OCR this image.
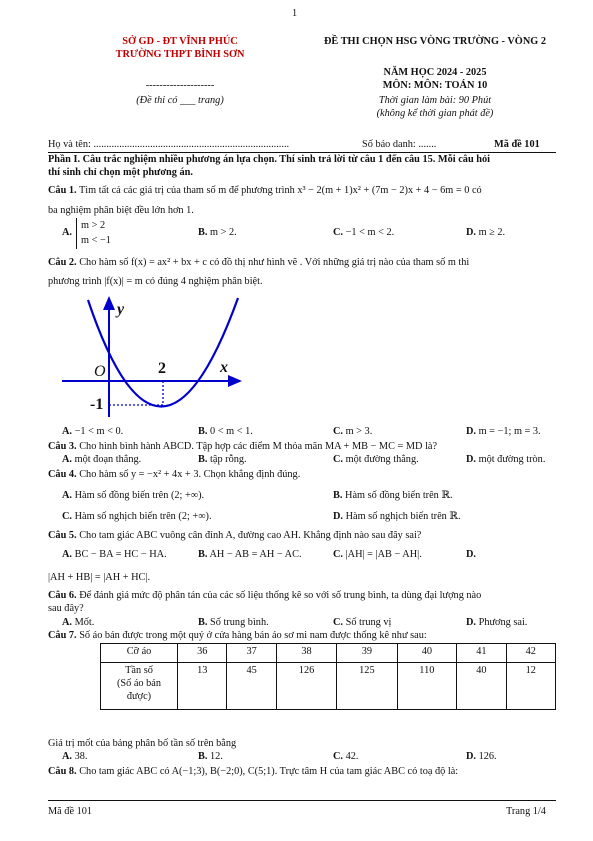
1
SỞ GD - ĐT VĨNH PHÚC
TRƯỜNG THPT BÌNH SƠN
--------------------
(Đề thi có ___ trang)
ĐỀ THI CHỌN HSG VÒNG TRƯỜNG - VÒNG 2
NĂM HỌC 2024 - 2025
MÔN: MÔN: TOÁN 10
Thời gian làm bài: 90 Phút
(không kể thời gian phát đề)
Họ và tên: ............................................................................	Số báo danh: .......	Mã đề 101
Phần I. Câu trắc nghiệm nhiều phương án lựa chọn. Thí sinh trả lời từ câu 1 đến câu 15. Mỗi câu hỏi
thí sinh chỉ chọn một phương án.
Câu 1. Tìm tất cả các giá trị của tham số m để phương trình x³ − 2(m + 1)x² + (7m − 2)x + 4 − 6m = 0 có
ba nghiệm phân biệt đều lớn hơn 1.
A.
m > 2
m < −1
B. m > 2.	C. −1 < m < 2.	D. m ≥ 2.
Câu 2. Cho hàm số f(x) = ax² + bx + c có đồ thị như hình vẽ . Với những giá trị nào của tham số m thì
phương trình |f(x)| = m có đúng 4 nghiệm phân biệt.
y
x
O	2
-1
A. −1 < m < 0.	B. 0 < m < 1.	C. m > 3.	D. m = −1; m = 3.
Câu 3. Cho hình bình hành ABCD. Tập hợp các điểm M thỏa mãn MA + MB − MC = MD là?
A. một đoạn thẳng.	B. tập rỗng.	C. một đường thẳng.	D. một đường tròn.
Câu 4. Cho hàm số y = −x² + 4x + 3. Chọn khẳng định đúng.
A. Hàm số đồng biến trên (2; +∞).	B. Hàm số đồng biến trên ℝ.
C. Hàm số nghịch biến trên (2; +∞).	D. Hàm số nghịch biến trên ℝ.
Câu 5. Cho tam giác ABC vuông cân đỉnh A, đường cao AH. Khẳng định nào sau đây sai?
A. BC − BA = HC − HA.	B. AH − AB = AH − AC.	C. |AH| = |AB − AH|.	D.
|AH + HB| = |AH + HC|.
Câu 6. Để đánh giá mức độ phân tán của các số liệu thống kê so với số trung bình, ta dùng đại lượng nào
sau đây?
A. Mốt.	B. Số trung bình.	C. Số trung vị	D. Phương sai.
Câu 7. Số áo bán được trong một quý ở cửa hàng bán áo sơ mi nam được thống kê như sau:
Cỡ áo	36	37	38	39	40	41	42

Tần số
(Số áo bán
được)	13	45	126	125	110	40	12
Giá trị mốt của bảng phân bố tần số trên bằng
A. 38.	B. 12.	C. 42.	D. 126.
Câu 8. Cho tam giác ABC có A(−1;3), B(−2;0), C(5;1). Trực tâm H của tam giác ABC có toạ độ là:
Mã đề 101	Trang 1/4
